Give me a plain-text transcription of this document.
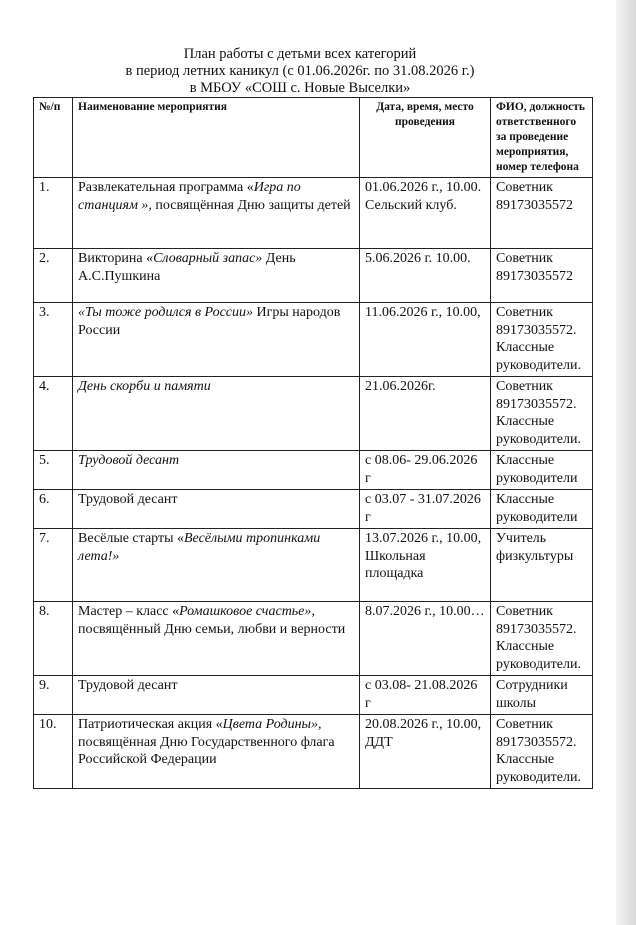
План работы с детьми всех категорий
в период летних каникул (с 01.06.2026г. по 31.08.2026 г.)
в МБОУ «СОШ с. Новые Выселки»
№/п	Наименование мероприятия	Дата, время, место проведения	ФИО, должность ответственного за проведение мероприятия, номер телефона
1.	Развлекательная программа «Игра по станциям », посвящённая Дню защиты детей	01.06.2026 г., 10.00. Сельский клуб.	Советник 89173035572
2.	Викторина «Словарный запас» День А.С.Пушкина	5.06.2026 г. 10.00.	Советник 89173035572
3.	«Ты тоже родился в России» Игры народов России	11.06.2026 г., 10.00,	Советник 89173035572. Классные руководители.
4.	День скорби и памяти	21.06.2026г.	Советник 89173035572. Классные руководители.
5.	Трудовой десант	с 08.06- 29.06.2026 г	Классные руководители
6.	Трудовой десант	с 03.07 - 31.07.2026 г	Классные руководители
7.	Весёлые старты «Весёлыми тропинками лета!»	13.07.2026 г., 10.00, Школьная площадка	Учитель физкультуры
8.	Мастер – класс «Ромашковое счастье», посвящённый Дню семьи, любви и верности	8.07.2026 г., 10.00…	Советник 89173035572. Классные руководители.
9.	Трудовой десант	с 03.08- 21.08.2026 г	Сотрудники школы
10.	Патриотическая акция «Цвета Родины», посвящённая Дню Государственного флага Российской Федерации	20.08.2026 г., 10.00, ДДТ	Советник 89173035572. Классные руководители.
